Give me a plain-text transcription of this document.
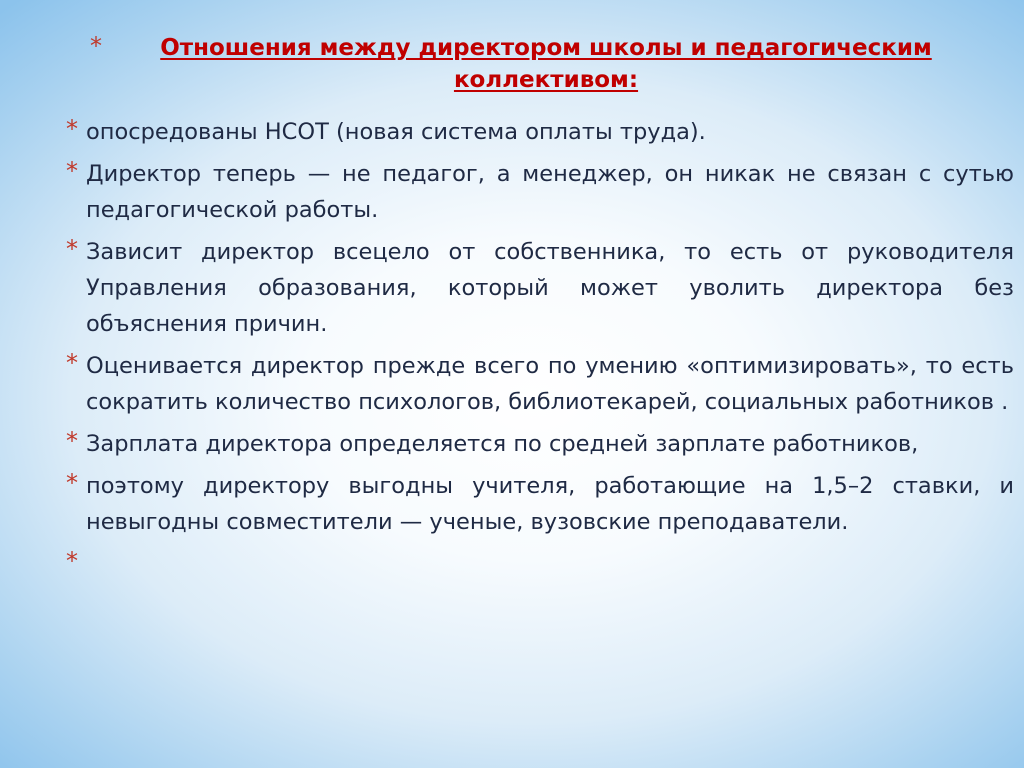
*	Отношения между директором школы и педагогическим коллективом:
* опосредованы НСОТ (новая система оплаты труда).
* Директор теперь — не педагог, а менеджер, он никак не связан с сутью педагогической работы.
* Зависит директор всецело от собственника, то есть от руководителя Управления образования, который может уволить директора без объяснения причин.
* Оценивается директор прежде всего по умению «оптимизировать», то есть сократить количество психологов, библиотекарей, социальных работников .
* Зарплата директора определяется по средней зарплате работников,
* поэтому директору выгодны учителя, работающие на 1,5–2 ставки, и невыгодны совместители — ученые, вузовские преподаватели.
*
